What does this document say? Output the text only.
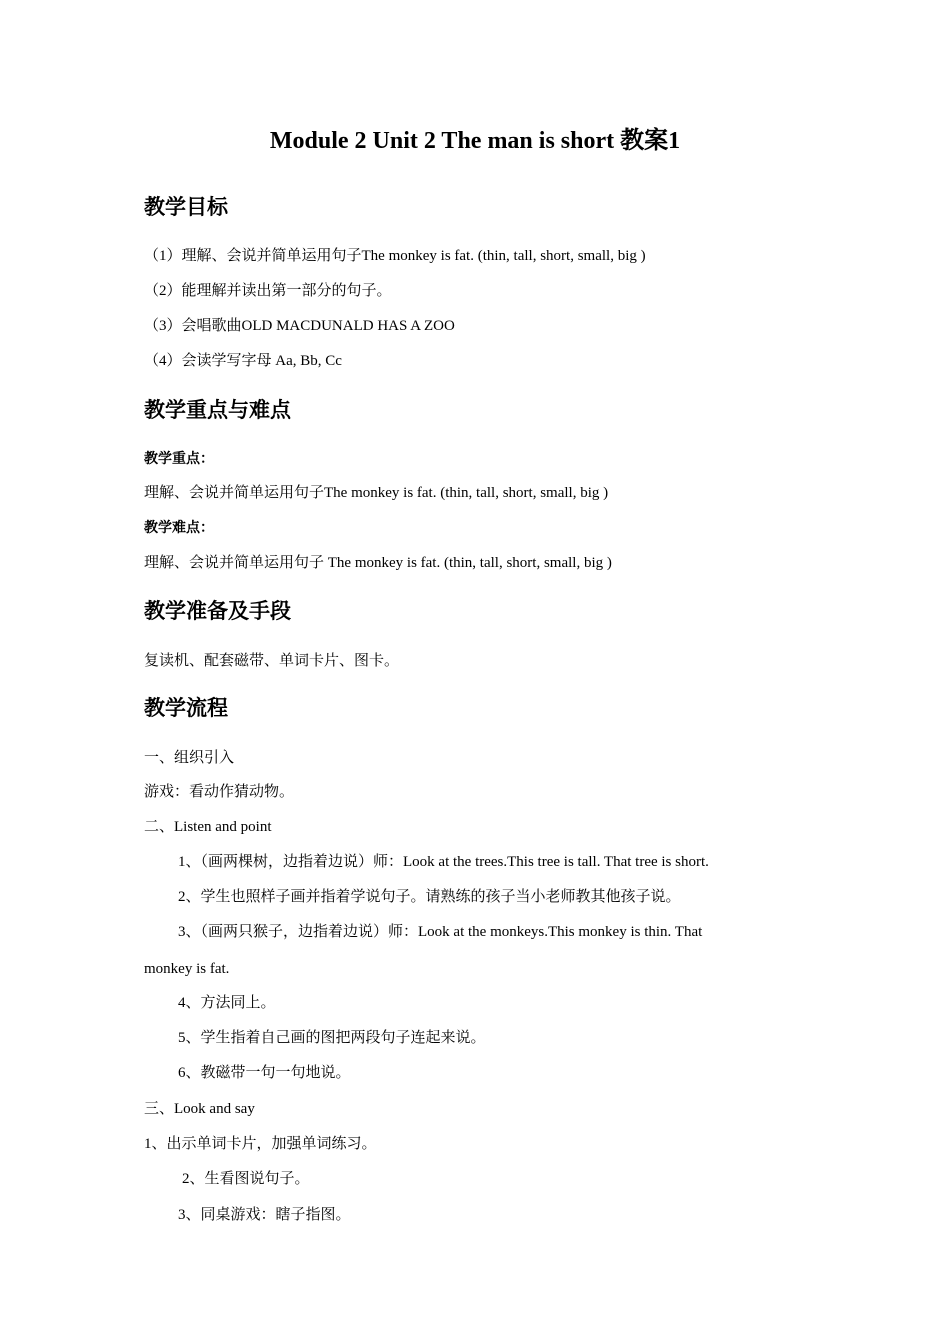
Module 2 Unit 2 The man is short 教案1
教学目标

（1）理解、会说并简单运用句子The monkey is fat. (thin, tall, short, small, big )

（2）能理解并读出第一部分的句子。

（3）会唱歌曲OLD MACDUNALD HAS A ZOO

（4）会读学写字母 Aa, Bb, Cc

教学重点与难点

教学重点：

理解、会说并简单运用句子The monkey is fat. (thin, tall, short, small, big )

教学难点：

理解、会说并简单运用句子 The monkey is fat. (thin, tall, short, small, big )

教学准备及手段

复读机、配套磁带、单词卡片、图卡。

教学流程

一、组织引入

游戏：看动作猜动物。

二、Listen and point

1、（画两棵树，边指着边说）师：Look at the trees.This tree is tall. That tree is short.

2、学生也照样子画并指着学说句子。请熟练的孩子当小老师教其他孩子说。

3、（画两只猴子，边指着边说）师：Look at the monkeys.This monkey is thin. That

monkey is fat.

4、方法同上。

5、学生指着自己画的图把两段句子连起来说。

6、教磁带一句一句地说。

三、Look and say

1、出示单词卡片，加强单词练习。

2、生看图说句子。

3、同桌游戏：瞎子指图。
